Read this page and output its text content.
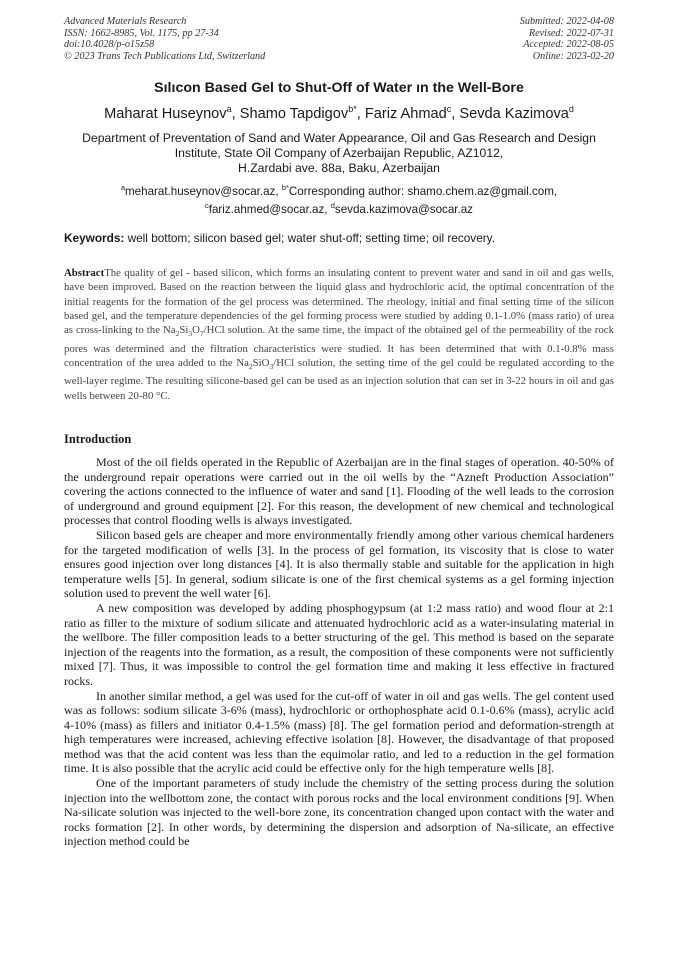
Advanced Materials Research
ISSN: 1662-8985, Vol. 1175, pp 27-34
doi:10.4028/p-o15z58
© 2023 Trans Tech Publications Ltd, Switzerland
Submitted: 2022-04-08
Revised: 2022-07-31
Accepted: 2022-08-05
Online: 2023-02-20
Sılıcon Based Gel to Shut-Off of Water ın the Well-Bore
Maharat Huseynov$^a$, Shamo Tapdigov$^{b*}$, Fariz Ahmad$^c$, Sevda Kazimova$^d$
Department of Preventation of Sand and Water Appearance, Oil and Gas Research and Design
Institute, State Oil Company of Azerbaijan Republic, AZ1012,
H.Zardabi ave. 88a, Baku, Azerbaijan
$^a$meharat.huseynov@socar.az, $^{b*}$Corresponding author: shamo.chem.az@gmail.com,
$^c$fariz.ahmed@socar.az, $^d$sevda.kazimova@socar.az
Keywords: well bottom; silicon based gel; water shut-off; setting time; oil recovery.
AbstractThe quality of gel - based silicon, which forms an insulating content to prevent water and sand in oil and gas wells, have been improved. Based on the reaction between the liquid glass and hydrochloric acid, the optimal concentration of the initial reagents for the formation of the gel process was determined. The rheology, initial and final setting time of the silicon based gel, and the temperature dependencies of the gel forming process were studied by adding 0.1-1.0% (mass ratio) of urea as cross-linking to the $Na_2Si_3O_7$/HCl solution. At the same time, the impact of the obtained gel of the permeability of the rock pores was determined and the filtration characteristics were studied. It has been determined that with 0.1-0.8% mass concentration of the urea added to the $Na_2SiO_3$/HCl solution, the setting time of the gel could be regulated according to the well-layer regime. The resulting silicone-based gel can be used as an injection solution that can set in 3-22 hours in oil and gas wells between 20-80 °C.
Introduction

Most of the oil fields operated in the Republic of Azerbaijan are in the final stages of operation. 40-50% of the underground repair operations were carried out in the oil wells by the “Azneft Production Association” covering the actions connected to the influence of water and sand [1]. Flooding of the well leads to the corrosion of underground and ground equipment [2]. For this reason, the development of new chemical and technological processes that control flooding wells is always investigated.

Silicon based gels are cheaper and more environmentally friendly among other various chemical hardeners for the targeted modification of wells [3]. In the process of gel formation, its viscosity that is close to water ensures good injection over long distances [4]. It is also thermally stable and suitable for the application in high temperature wells [5]. In general, sodium silicate is one of the first chemical systems as a gel forming injection solution used to prevent the well water [6].

A new composition was developed by adding phosphogypsum (at 1:2 mass ratio) and wood flour at 2:1 ratio as filler to the mixture of sodium silicate and attenuated hydrochloric acid as a water-insulating material in the wellbore. The filler composition leads to a better structuring of the gel. This method is based on the separate injection of the reagents into the formation, as a result, the composition of these components were not sufficiently mixed [7]. Thus, it was impossible to control the gel formation time and making it less effective in fractured rocks.

In another similar method, a gel was used for the cut-off of water in oil and gas wells. The gel content used was as follows: sodium silicate 3-6% (mass), hydrochloric or orthophosphate acid 0.1-0.6% (mass), acrylic acid 4-10% (mass) as fillers and initiator 0.4-1.5% (mass) [8]. The gel formation period and deformation-strength at high temperatures were increased, achieving effective isolation [8]. However, the disadvantage of that proposed method was that the acid content was less than the equimolar ratio, and led to a reduction in the gel formation time. It is also possible that the acrylic acid could be effective only for the high temperature wells [8].

One of the important parameters of study include the chemistry of the setting process during the solution injection into the wellbottom zone, the contact with porous rocks and the local environment conditions [9]. When Na-silicate solution was injected to the well-bore zone, its concentration changed upon contact with the water and rocks formation [2]. In other words, by determining the dispersion and adsorption of Na-silicate, an effective injection method could be
